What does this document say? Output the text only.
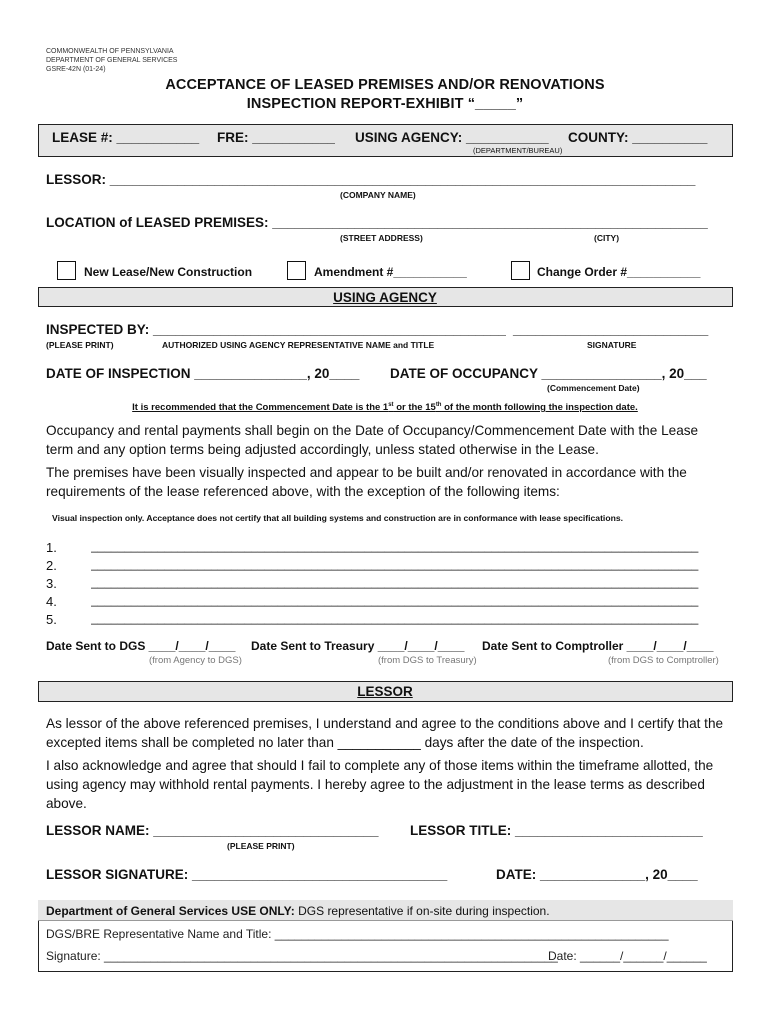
COMMONWEALTH OF PENNSYLVANIA
DEPARTMENT OF GENERAL SERVICES
GSRE-42N (01-24)
ACCEPTANCE OF LEASED PREMISES AND/OR RENOVATIONS
INSPECTION REPORT-EXHIBIT “_____”
LEASE #: ___________ FRE: ___________ USING AGENCY: ___________
(DEPARTMENT/BUREAU)
COUNTY: __________
LESSOR: ______________________________________________________________________________
(COMPANY NAME)
LOCATION of LEASED PREMISES: __________________________________________________________
(STREET ADDRESS)	(CITY)
New Lease/New Construction	Amendment #___________	Change Order #___________
USING AGENCY
INSPECTED BY: _______________________________________________ __________________________
(PLEASE PRINT)	AUTHORIZED USING AGENCY REPRESENTATIVE NAME and TITLE	SIGNATURE
DATE OF INSPECTION _______________, 20____ DATE OF OCCUPANCY ________________, 20___
(Commencement Date)
It is recommended that the Commencement Date is the 1st or the 15th of the month following the inspection date.
Occupancy and rental payments shall begin on the Date of Occupancy/Commencement Date with the Lease term and any option terms being adjusted accordingly, unless stated otherwise in the Lease.
The premises have been visually inspected and appear to be built and/or renovated in accordance with the requirements of the lease referenced above, with the exception of the following items:
Visual inspection only. Acceptance does not certify that all building systems and construction are in conformance with lease specifications.
1.
2.
3.
4.
5.
___________________________________________________________________________________________
___________________________________________________________________________________________
___________________________________________________________________________________________
___________________________________________________________________________________________
___________________________________________________________________________________________
Date Sent to DGS ____/____/____ Date Sent to Treasury ____/____/____ Date Sent to Comptroller ____/____/____
(from Agency to DGS)	(from DGS to Treasury)	(from DGS to Comptroller)
LESSOR
As lessor of the above referenced premises, I understand and agree to the conditions above and I certify that the excepted items shall be completed no later than ___________ days after the date of the inspection.
I also acknowledge and agree that should I fail to complete any of those items within the timeframe allotted, the using agency may withhold rental payments. I hereby agree to the adjustment in the lease terms as described above.
LESSOR NAME: ______________________________ LESSOR TITLE: _________________________
(PLEASE PRINT)
LESSOR SIGNATURE: __________________________________	DATE: ______________, 20____
Department of General Services USE ONLY: DGS representative if on-site during inspection.
DGS/BRE Representative Name and Title: ___________________________________________________________
Signature: ____________________________________________________________________
Date: ______/______/______
